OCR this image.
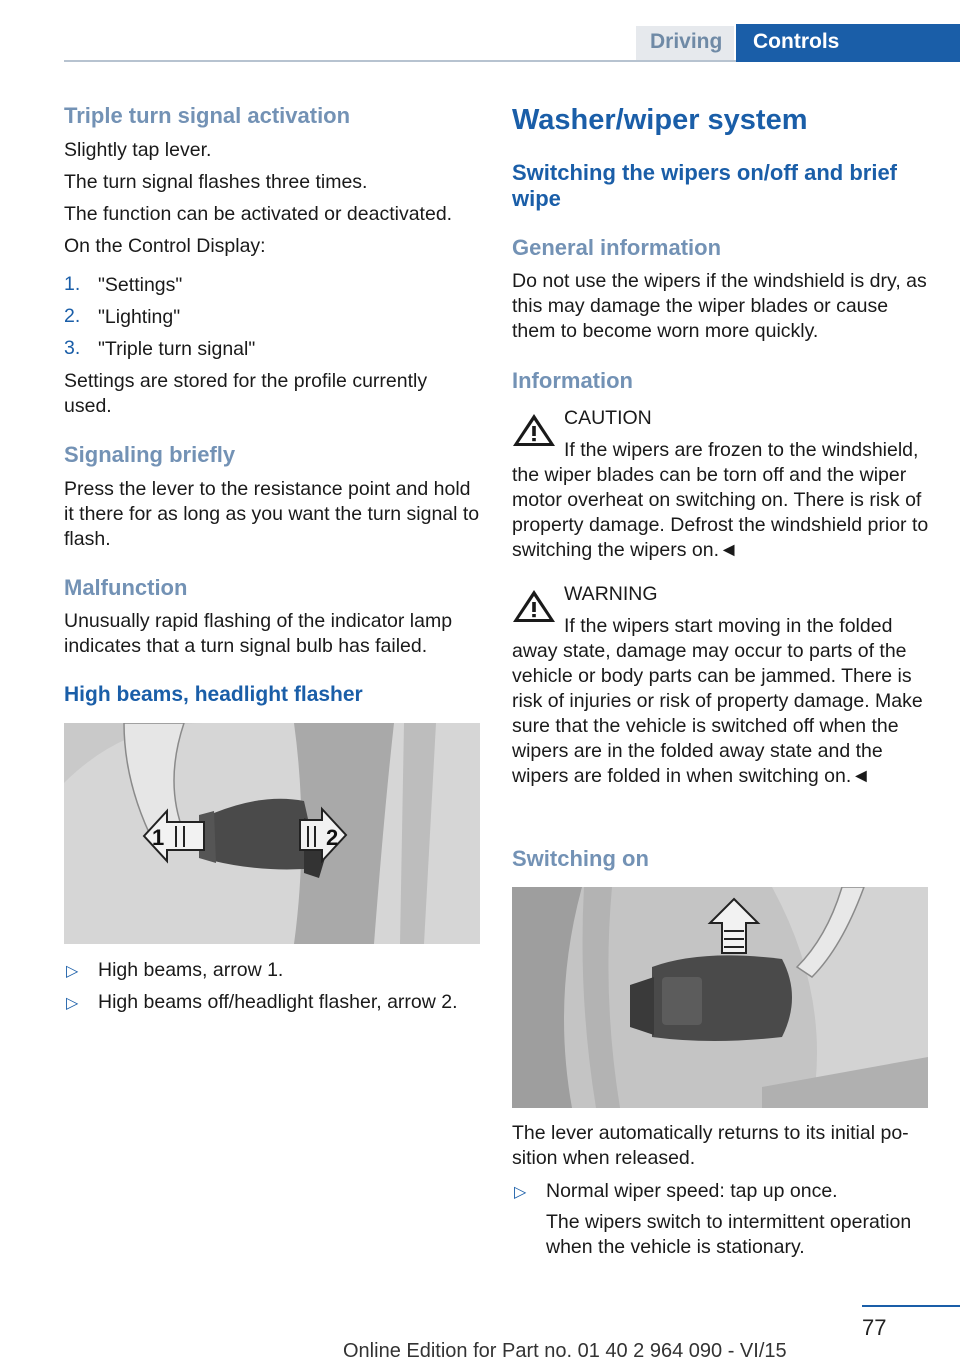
Driving Controls
Triple turn signal activation
Slightly tap lever.
The turn signal flashes three times.
The function can be activated or deactivated.
On the Control Display:
1. "Settings"
2. "Lighting"
3. "Triple turn signal"
Settings are stored for the profile currently used.
Signaling briefly
Press the lever to the resistance point and hold it there for as long as you want the turn signal to flash.
Malfunction
Unusually rapid flashing of the indicator lamp indicates that a turn signal bulb has failed.
High beams, headlight flasher
1	2
▷ High beams, arrow 1.
▷ High beams off/headlight flasher, arrow 2.
Washer/wiper system
Switching the wipers on/off and brief wipe
General information
Do not use the wipers if the windshield is dry, as this may damage the wiper blades or cause them to become worn more quickly.
Information
CAUTION
If the wipers are frozen to the windshield, the wiper blades can be torn off and the wiper motor overheat on switching on. There is risk of property damage. Defrost the windshield prior to switching the wipers on.◄
WARNING
If the wipers start moving in the folded away state, damage may occur to parts of the vehicle or body parts can be jammed. There is risk of injuries or risk of property damage. Make sure that the vehicle is switched off when the wipers are in the folded away state and the wipers are folded in when switching on.◄
Switching on
The lever automatically returns to its initial po‐sition when released.
▷ Normal wiper speed: tap up once.
The wipers switch to intermittent operation when the vehicle is stationary.
77
Online Edition for Part no. 01 40 2 964 090 - VI/15
